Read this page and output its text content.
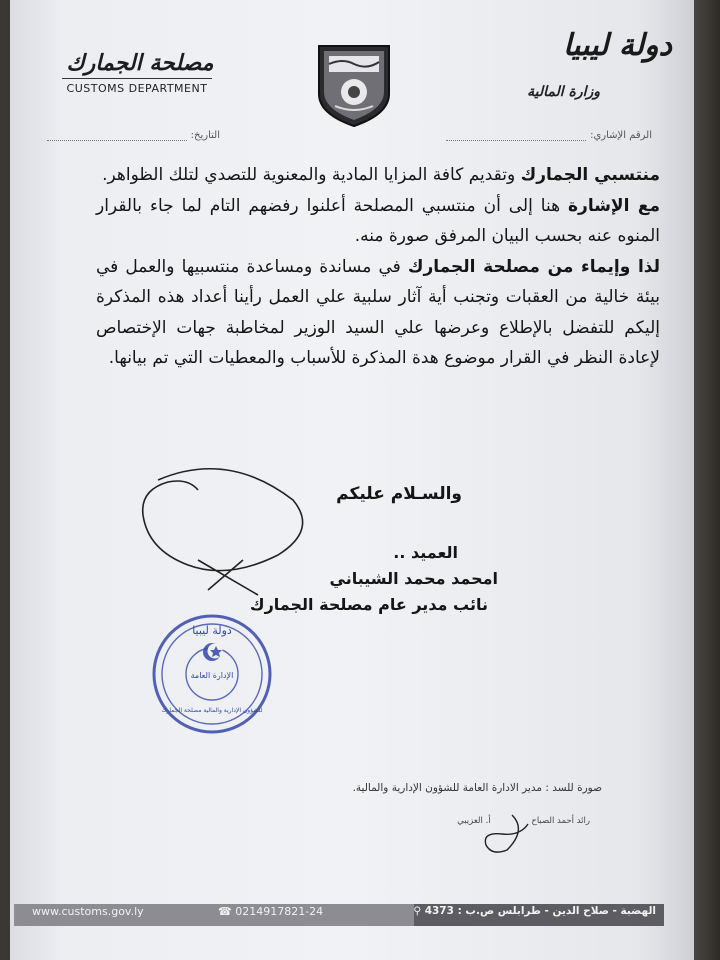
مصلحة الجمارك
CUSTOMS DEPARTMENT
دولة ليبيا
وزارة المالية
الرقم الإشاري:
التاريخ:

منتسبي الجمارك وتقديم كافة المزايا المادية والمعنوية للتصدي لتلك الظواهر.

مع الإشارة هنا إلى أن منتسبي المصلحة أعلنوا رفضهم التام لما جاء بالقرار المنوه عنه بحسب البيان المرفق صورة منه.

لذا وإيماء من مصلحة الجمارك في مساندة ومساعدة منتسبيها والعمل في بيئة خالية من العقبات وتجنب أية آثار سلبية علي العمل رأينا أعداد هذه المذكرة إليكم للتفضل بالإطلاع وعرضها علي السيد الوزير لمخاطبة جهات الإختصاص لإعادة النظر في القرار موضوع هدة المذكرة للأسباب والمعطيات التي تم بيانها.

والسـلام عليكم
العميد ..
امحمد محمد الشيباني
نائب مدير عام مصلحة الجمارك
دولة ليبيا
الإدارة العامة
للشؤون الإدارية والمالية مصلحة الجمارك
صورة للسد : مدير الادارة العامة للشؤون الإدارية والمالية.
رائد أحمد الصباح أ. العزيبي
www.customs.gov.ly	☎ 0214917821-24	الهضبة - صلاح الدين - طرابلس ص.ب : 4373 ⚲
